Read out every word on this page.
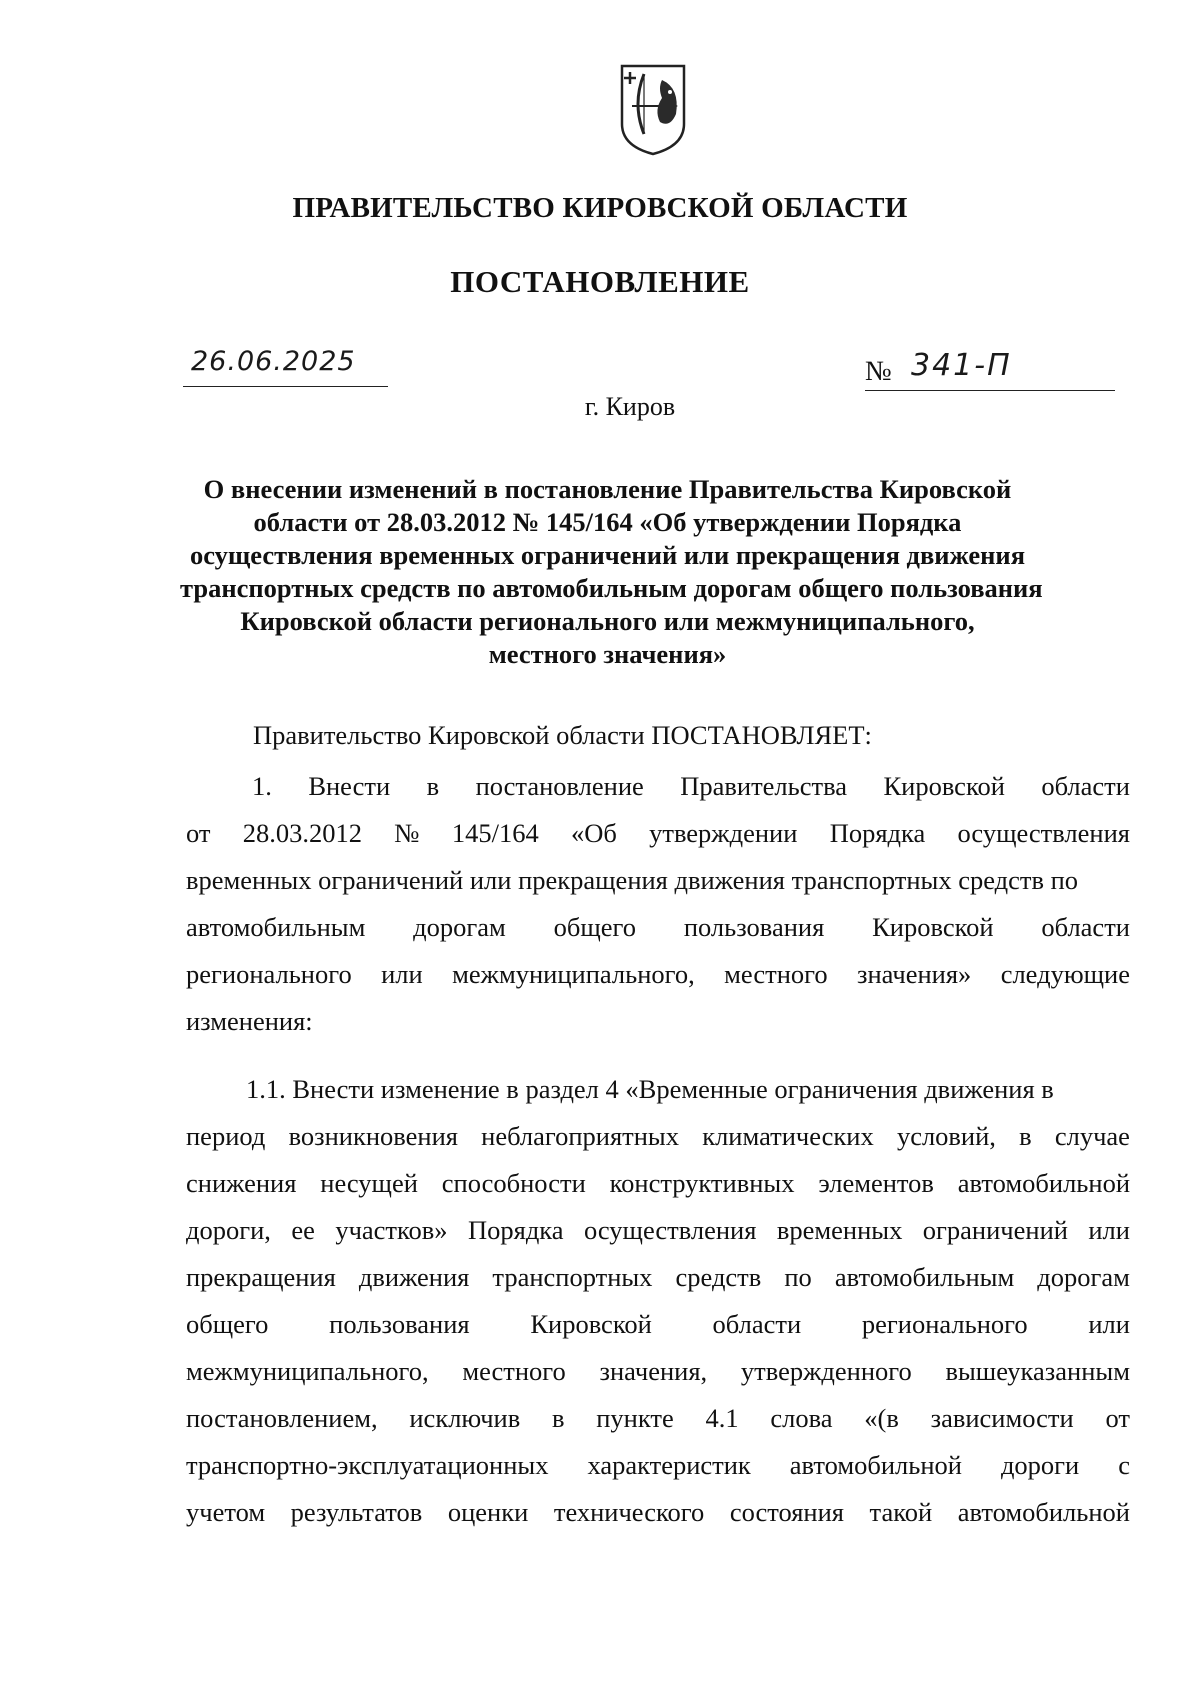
ПРАВИТЕЛЬСТВО КИРОВСКОЙ ОБЛАСТИ
ПОСТАНОВЛЕНИЕ
26.06.2025	№ 341-П
г. Киров
О внесении изменений в постановление Правительства Кировской
области от 28.03.2012 № 145/164 «Об утверждении Порядка
осуществления временных ограничений или прекращения движения
транспортных средств по автомобильным дорогам общего пользования
Кировской области регионального или межмуниципального,
местного значения»
Правительство Кировской области ПОСТАНОВЛЯЕТ:
1. Внести в постановление Правительства Кировской области
от 28.03.2012 № 145/164 «Об утверждении Порядка осуществления
временных ограничений или прекращения движения транспортных средств по
автомобильным дорогам общего пользования Кировской области
регионального или межмуниципального, местного значения» следующие
изменения:
1.1. Внести изменение в раздел 4 «Временные ограничения движения в
период возникновения неблагоприятных климатических условий, в случае
снижения несущей способности конструктивных элементов автомобильной
дороги, ее участков» Порядка осуществления временных ограничений или
прекращения движения транспортных средств по автомобильным дорогам
общего пользования Кировской области регионального или
межмуниципального, местного значения, утвержденного вышеуказанным
постановлением, исключив в пункте 4.1 слова «(в зависимости от
транспортно-эксплуатационных характеристик автомобильной дороги с
учетом результатов оценки технического состояния такой автомобильной
